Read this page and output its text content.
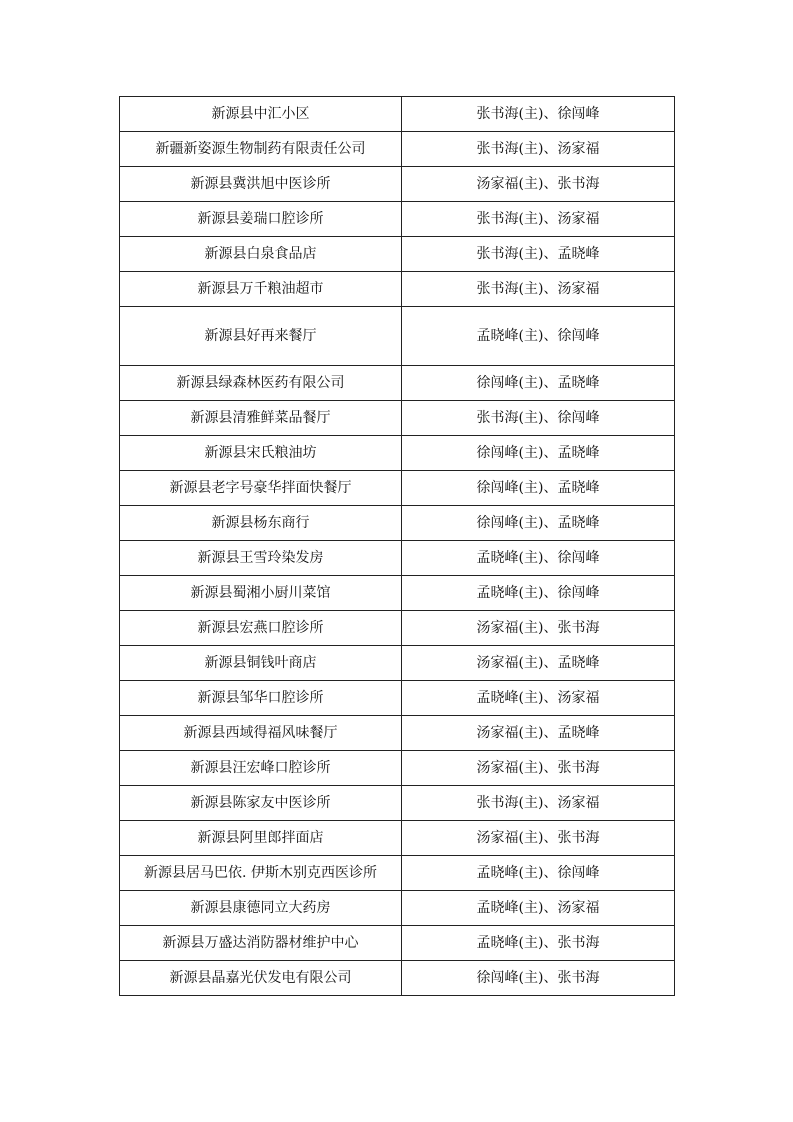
新源县中汇小区	张书海(主)、徐闯峰
新疆新姿源生物制药有限责任公司	张书海(主)、汤家福
新源县冀洪旭中医诊所	汤家福(主)、张书海
新源县姜瑞口腔诊所	张书海(主)、汤家福
新源县白泉食品店	张书海(主)、孟晓峰
新源县万千粮油超市	张书海(主)、汤家福
新源县好再来餐厅	孟晓峰(主)、徐闯峰
新源县绿森林医药有限公司	徐闯峰(主)、孟晓峰
新源县清雅鲜菜品餐厅	张书海(主)、徐闯峰
新源县宋氏粮油坊	徐闯峰(主)、孟晓峰
新源县老字号豪华拌面快餐厅	徐闯峰(主)、孟晓峰
新源县杨东商行	徐闯峰(主)、孟晓峰
新源县王雪玲染发房	孟晓峰(主)、徐闯峰
新源县蜀湘小厨川菜馆	孟晓峰(主)、徐闯峰
新源县宏燕口腔诊所	汤家福(主)、张书海
新源县铜钱叶商店	汤家福(主)、孟晓峰
新源县邹华口腔诊所	孟晓峰(主)、汤家福
新源县西域得福风味餐厅	汤家福(主)、孟晓峰
新源县汪宏峰口腔诊所	汤家福(主)、张书海
新源县陈家友中医诊所	张书海(主)、汤家福
新源县阿里郎拌面店	汤家福(主)、张书海
新源县居马巴依. 伊斯木别克西医诊所	孟晓峰(主)、徐闯峰
新源县康德同立大药房	孟晓峰(主)、汤家福
新源县万盛达消防器材维护中心	孟晓峰(主)、张书海
新源县晶嘉光伏发电有限公司	徐闯峰(主)、张书海
